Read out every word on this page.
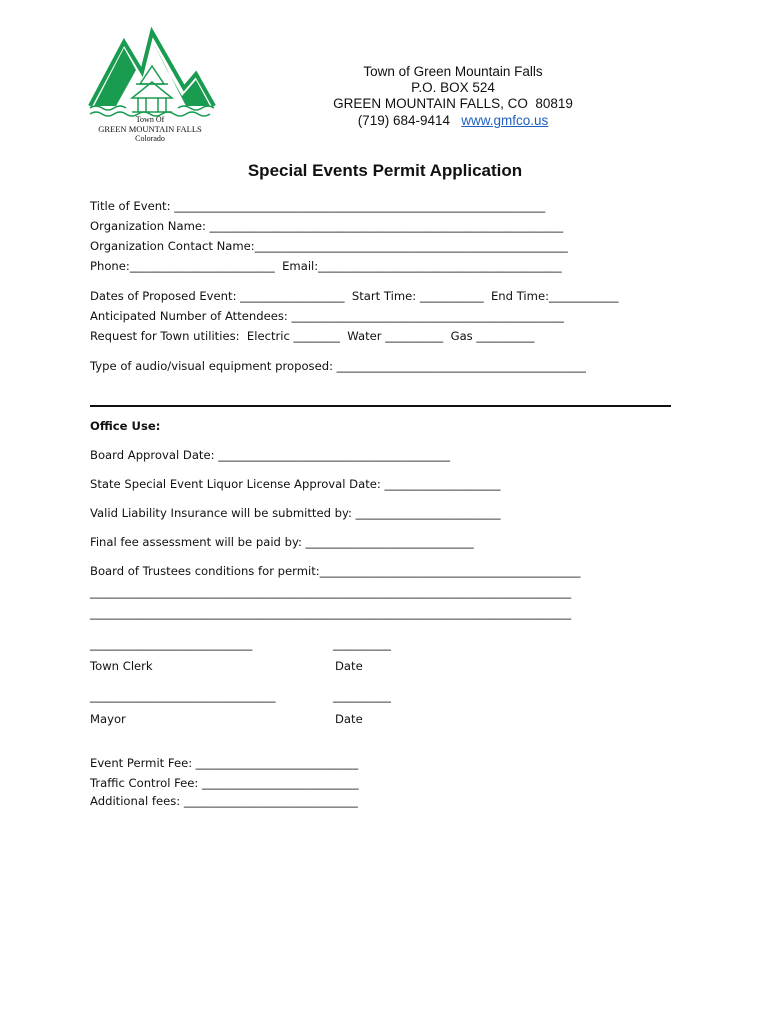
Town Of
GREEN MOUNTAIN FALLS
Colorado
Town of Green Mountain Falls
P.O. BOX 524
GREEN MOUNTAIN FALLS, CO  80819
(719) 684-9414 www.gmfco.us
Special Events Permit Application
Title of Event: ________________________________________________________________
Organization Name: _____________________________________________________________
Organization Contact Name:______________________________________________________
Phone:_________________________  Email:__________________________________________
Dates of Proposed Event: __________________  Start Time: ___________  End Time:____________
Anticipated Number of Attendees: _______________________________________________
Request for Town utilities:  Electric ________  Water __________  Gas __________
Type of audio/visual equipment proposed: ___________________________________________
Office Use:
Board Approval Date: ________________________________________
State Special Event Liquor License Approval Date: ____________________
Valid Liability Insurance will be submitted by: _________________________
Final fee assessment will be paid by: _____________________________
Board of Trustees conditions for permit:_____________________________________________
___________________________________________________________________________________
___________________________________________________________________________________
____________________________	__________
Town Clerk	Date
________________________________	__________
Mayor	Date
Event Permit Fee: ____________________________
Traffic Control Fee: ___________________________
Additional fees: ______________________________
